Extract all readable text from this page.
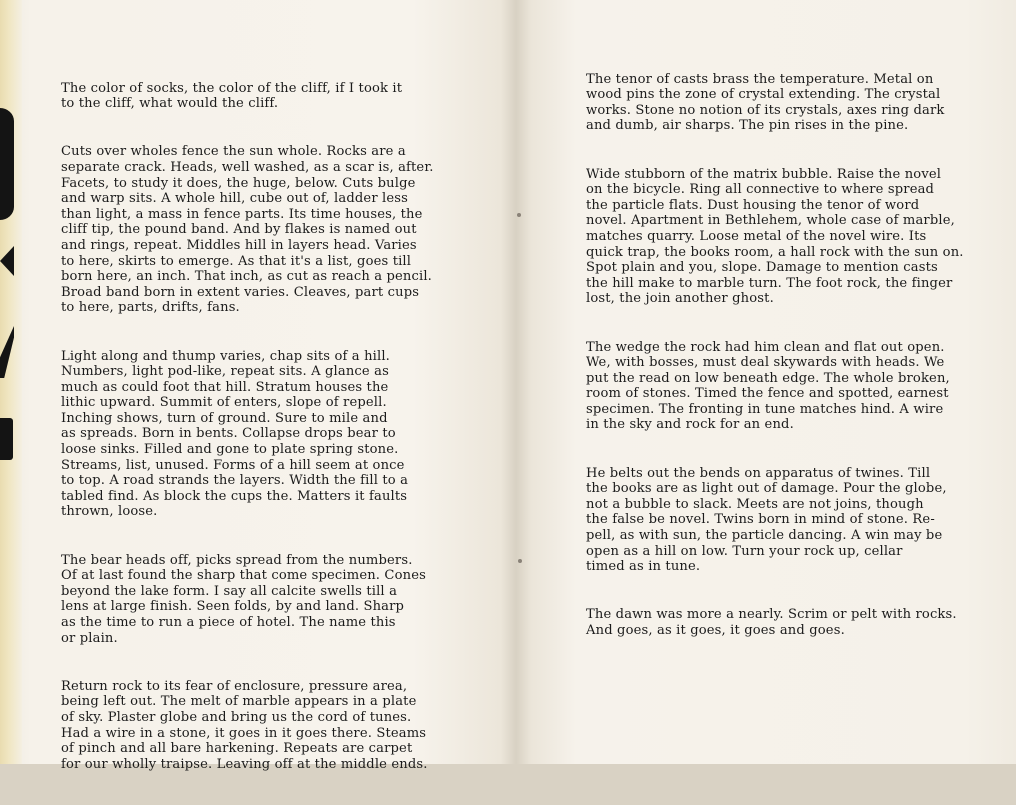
The color of socks, the color of the cliff, if I took it
to the cliff, what would the cliff.

Cuts over wholes fence the sun whole. Rocks are a
separate crack. Heads, well washed, as a scar is, after.
Facets, to study it does, the huge, below. Cuts bulge
and warp sits. A whole hill, cube out of, ladder less
than light, a mass in fence parts. Its time houses, the
cliff tip, the pound band. And by flakes is named out
and rings, repeat. Middles hill in layers head. Varies
to here, skirts to emerge. As that it's a list, goes till
born here, an inch. That inch, as cut as reach a pencil.
Broad band born in extent varies. Cleaves, part cups
to here, parts, drifts, fans.

Light along and thump varies, chap sits of a hill.
Numbers, light pod-like, repeat sits. A glance as
much as could foot that hill. Stratum houses the
lithic upward. Summit of enters, slope of repell.
Inching shows, turn of ground. Sure to mile and
as spreads. Born in bents. Collapse drops bear to
loose sinks. Filled and gone to plate spring stone.
Streams, list, unused. Forms of a hill seem at once
to top. A road strands the layers. Width the fill to a
tabled find. As block the cups the. Matters it faults
thrown, loose.

The bear heads off, picks spread from the numbers.
Of at last found the sharp that come specimen. Cones
beyond the lake form. I say all calcite swells till a
lens at large finish. Seen folds, by and land. Sharp
as the time to run a piece of hotel. The name this
or plain.

Return rock to its fear of enclosure, pressure area,
being left out. The melt of marble appears in a plate
of sky. Plaster globe and bring us the cord of tunes.
Had a wire in a stone, it goes in it goes there. Steams
of pinch and all bare harkening. Repeats are carpet
for our wholly traipse. Leaving off at the middle ends.

The tenor of casts brass the temperature. Metal on
wood pins the zone of crystal extending. The crystal
works. Stone no notion of its crystals, axes ring dark
and dumb, air sharps. The pin rises in the pine.

Wide stubborn of the matrix bubble. Raise the novel
on the bicycle. Ring all connective to where spread
the particle flats. Dust housing the tenor of word
novel. Apartment in Bethlehem, whole case of marble,
matches quarry. Loose metal of the novel wire. Its
quick trap, the books room, a hall rock with the sun on.
Spot plain and you, slope. Damage to mention casts
the hill make to marble turn. The foot rock, the finger
lost, the join another ghost.

The wedge the rock had him clean and flat out open.
We, with bosses, must deal skywards with heads. We
put the read on low beneath edge. The whole broken,
room of stones. Timed the fence and spotted, earnest
specimen. The fronting in tune matches hind. A wire
in the sky and rock for an end.

He belts out the bends on apparatus of twines. Till
the books are as light out of damage. Pour the globe,
not a bubble to slack. Meets are not joins, though
the false be novel. Twins born in mind of stone. Re-
pell, as with sun, the particle dancing. A win may be
open as a hill on low. Turn your rock up, cellar
timed as in tune.

The dawn was more a nearly. Scrim or pelt with rocks.
And goes, as it goes, it goes and goes.
